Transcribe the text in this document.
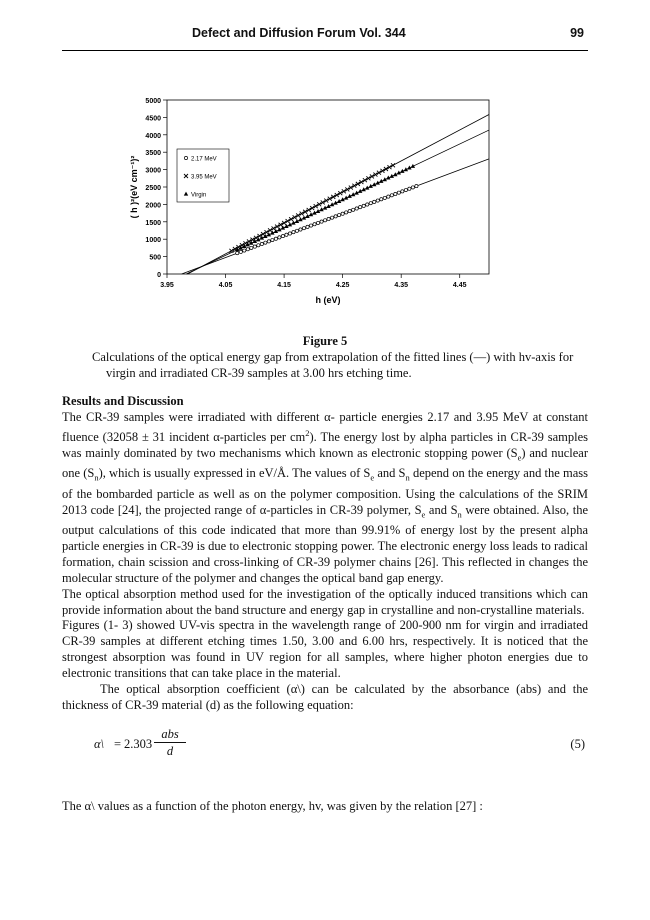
Defect and Diffusion Forum Vol. 344	99
0
500
1000
1500
2000
2500
3000
3500
4000
4500
5000
3.95	4.05	4.15	4.25	4.35	4.45
2.17 MeV
3.95 MeV
Virgin
( h )²(eV cm⁻¹)²
h (eV)
Figure 5
Calculations of the optical energy gap from extrapolation of the fitted lines (—) with hv-axis for virgin and irradiated CR-39 samples at 3.00 hrs etching time.

Results and Discussion

The CR-39 samples were irradiated with different α- particle energies 2.17 and 3.95 MeV at constant fluence (32058 ± 31 incident α-particles per $cm^2$). The energy lost by alpha particles in CR-39 samples was mainly dominated by two mechanisms which known as electronic stopping power $(S_e)$ and nuclear one $(S_n)$, which is usually expressed in eV/Å. The values of $S_e$ and $S_n$ depend on the energy and the mass of the bombarded particle as well as on the polymer composition. Using the calculations of the SRIM 2013 code [24], the projected range of α-particles in CR-39 polymer, $S_e$ and $S_n$ were obtained. Also, the output calculations of this code indicated that more than 99.91% of energy lost by the present alpha particle energies in CR-39 is due to electronic stopping power. The electronic energy loss leads to radical formation, chain scission and cross-linking of CR-39 polymer chains [26]. This reflected in changes the molecular structure of the polymer and changes the optical band gap energy.

The optical absorption method used for the investigation of the optically induced transitions which can provide information about the band structure and energy gap in crystalline and non-crystalline materials.

Figures (1- 3) showed UV-vis spectra in the wavelength range of 200-900 nm for virgin and irradiated CR-39 samples at different etching times 1.50, 3.00 and 6.00 hrs, respectively. It is noticed that the strongest absorption was found in UV region for all samples, where higher photon energies due to electronic transitions that can take place in the material.

The optical absorption coefficient (α\) can be calculated by the absorbance (abs) and the thickness of CR-39 material (d) as the following equation:

α\ = 2.303
abs
d	(5)
The α\ values as a function of the photon energy, hv, was given by the relation [27] :
